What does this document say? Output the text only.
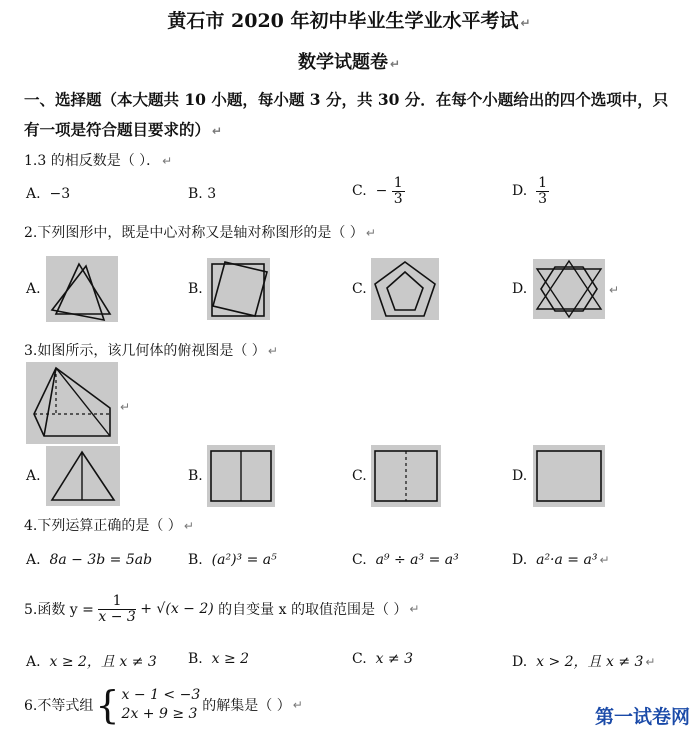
黄石市 2020 年初中毕业生学业水平考试 ↵
数学试题卷 ↵
一、选择题（本大题共 10 小题，每小题 3 分，共 30 分．在每个小题给出的四个选项中，只
有一项是符合题目要求的） ↵
1.3 的相反数是（ ）． ↵
A. −3	B. 3	C. − $\frac{1}{3}$	D. $\frac{1}{3}$
2.下列图形中，既是中心对称又是轴对称图形的是（ ） ↵
A.	B.	C.	D.	↵
3.如图所示，该几何体的俯视图是（ ） ↵
↵
A.	B.	C.	D.
4.下列运算正确的是（ ） ↵
A. 8a − 3b = 5ab	B. (a²)³ = a⁵	C. a⁹ ÷ a³ = a³	D. a²·a = a³ ↵
5.函数 $y = \frac{1}{x - 3} + √(x - 2)$ 的自变量 x 的取值范围是（ ） ↵
A. x ≥ 2，且 x ≠ 3 B. x ≥ 2	C. x ≠ 3	D. x > 2，且 x ≠ 3 ↵
6.不等式组 { x − 1 < −3
2x + 9 ≥ 3 的解集是（ ） ↵
第一试卷网
